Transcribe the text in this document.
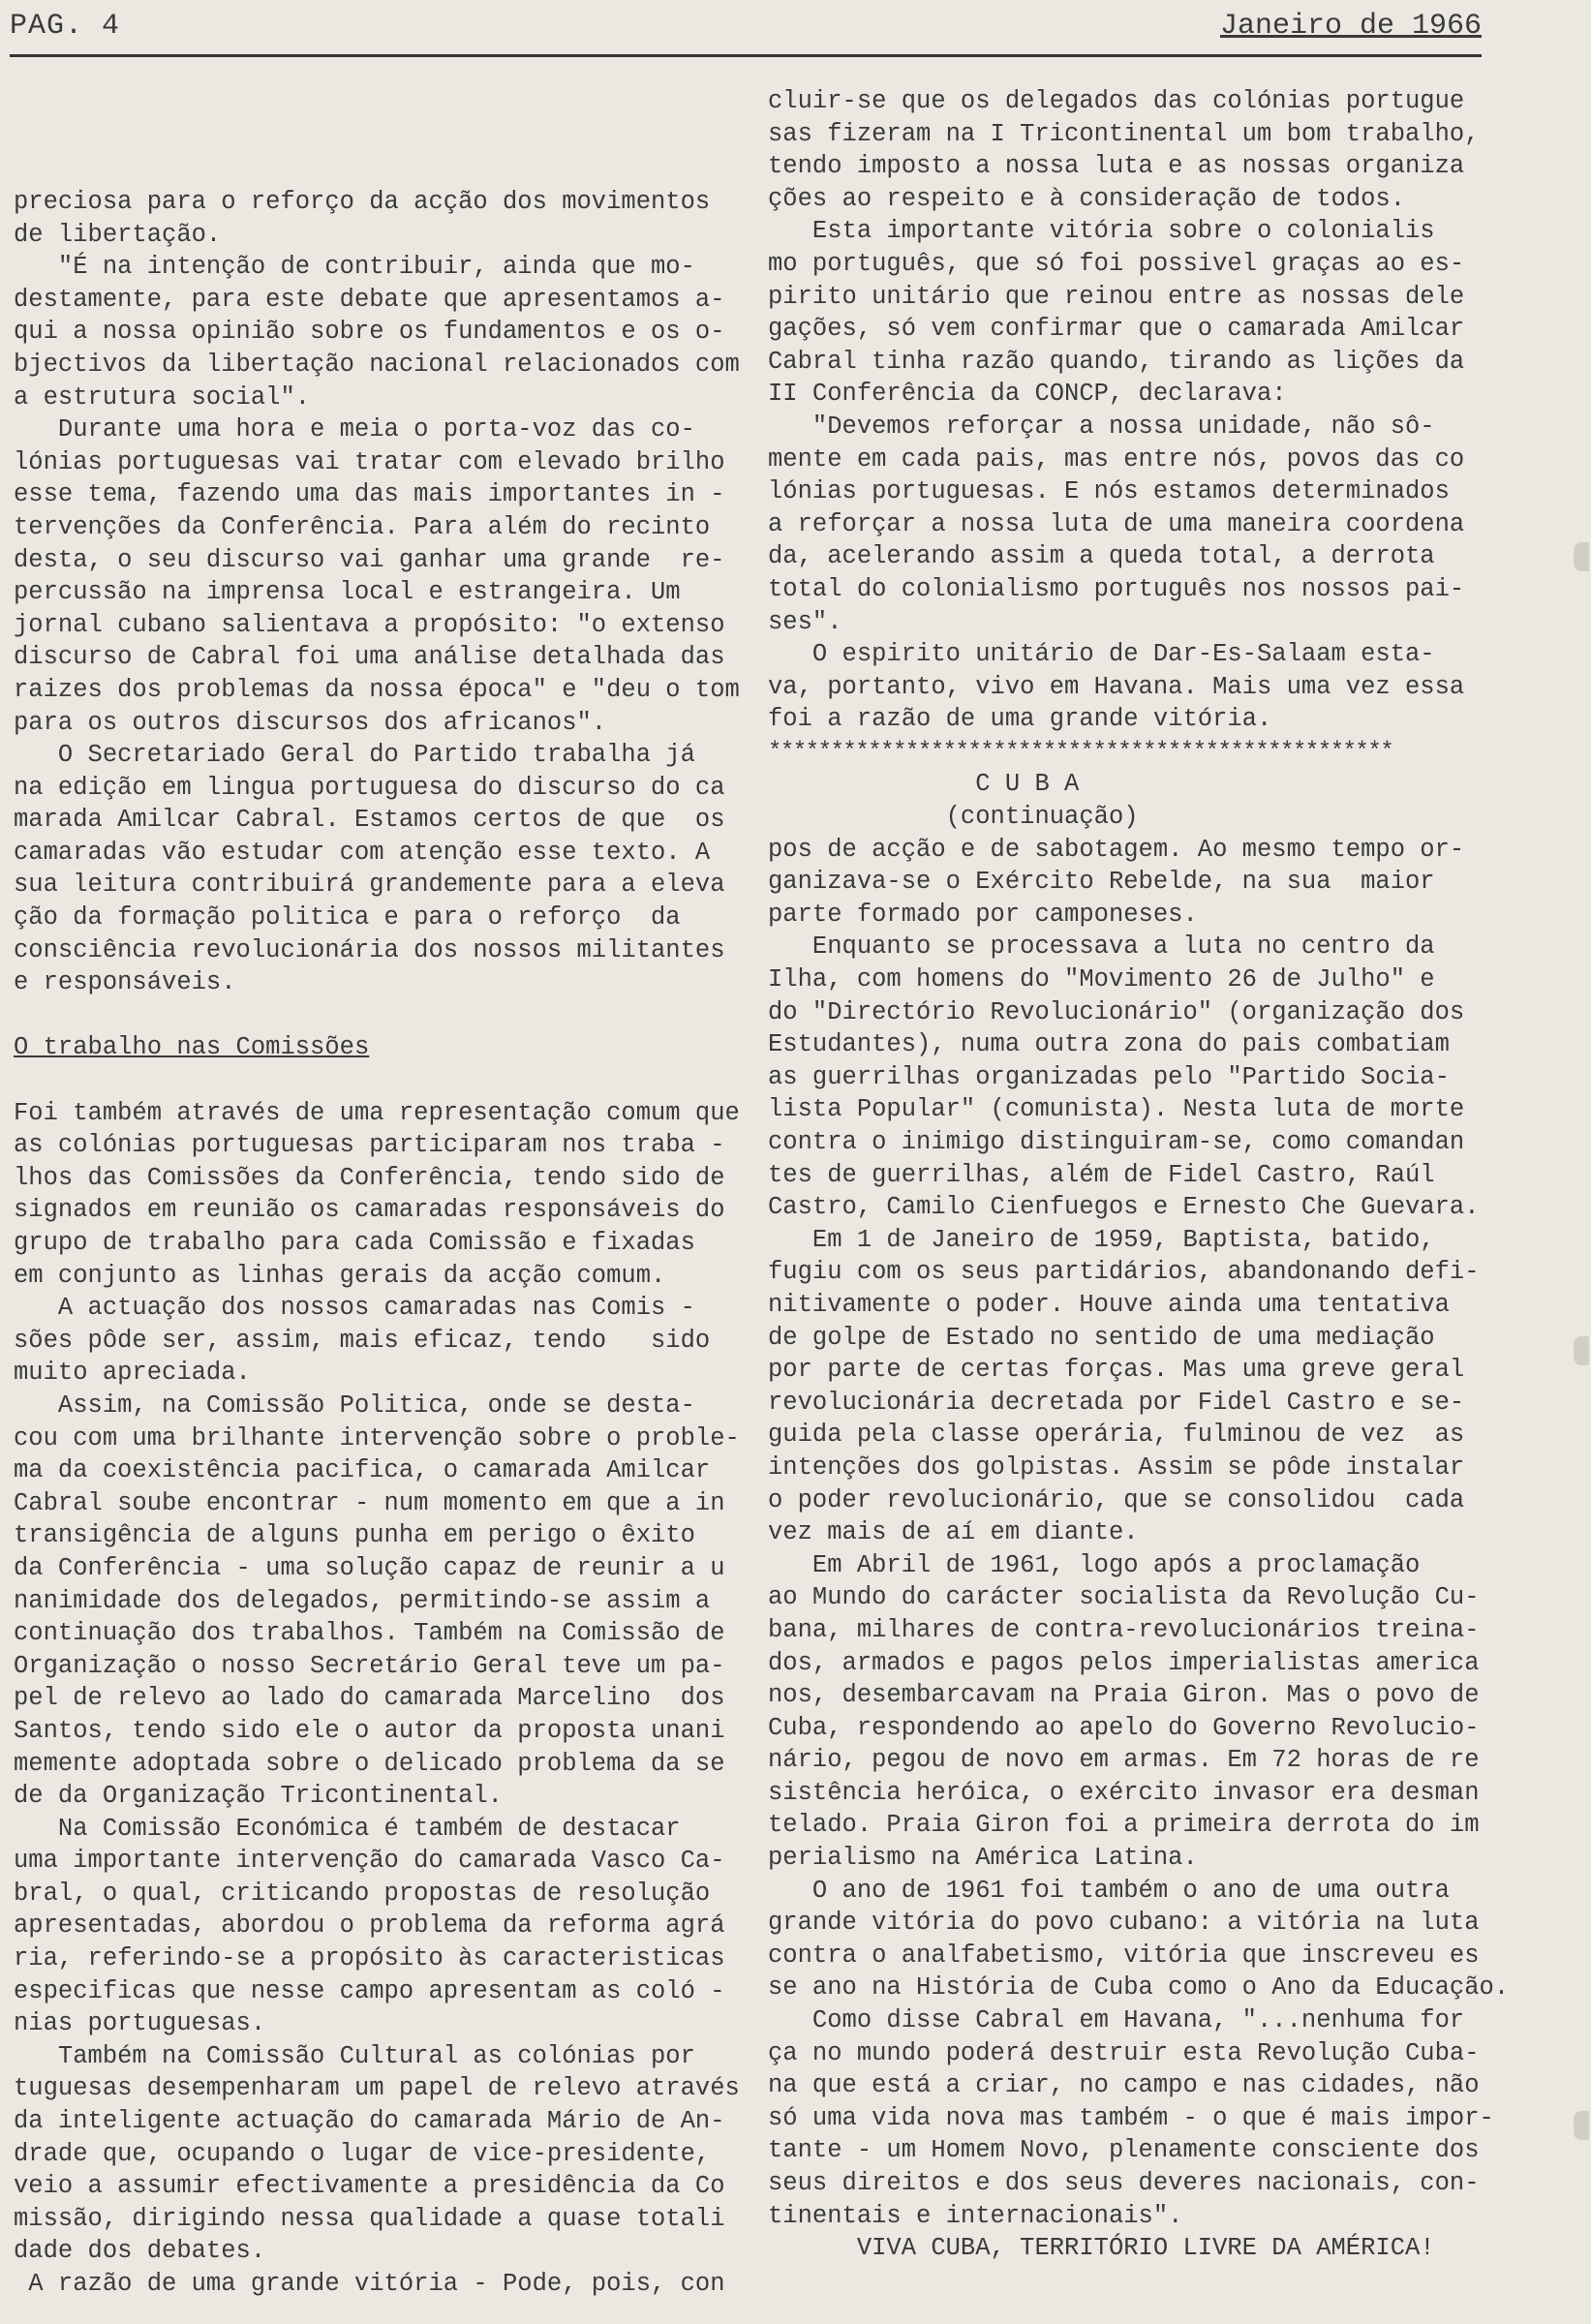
PAG. 4	Janeiro de 1966
preciosa para o reforço da acção dos movimentos
de libertação.
"É na intenção de contribuir, ainda que mo-
destamente, para este debate que apresentamos a-
qui a nossa opinião sobre os fundamentos e os o-
bjectivos da libertação nacional relacionados com
a estrutura social".
Durante uma hora e meia o porta-voz das co-
lónias portuguesas vai tratar com elevado brilho
esse tema, fazendo uma das mais importantes in -
tervenções da Conferência. Para além do recinto
desta, o seu discurso vai ganhar uma grande  re-
percussão na imprensa local e estrangeira. Um
jornal cubano salientava a propósito: "o extenso
discurso de Cabral foi uma análise detalhada das
raizes dos problemas da nossa época" e "deu o tom
para os outros discursos dos africanos".
O Secretariado Geral do Partido trabalha já
na edição em lingua portuguesa do discurso do ca
marada Amilcar Cabral. Estamos certos de que  os
camaradas vão estudar com atenção esse texto. A
sua leitura contribuirá grandemente para a eleva
ção da formação politica e para o reforço  da
consciência revolucionária dos nossos militantes
e responsáveis.
O trabalho nas Comissões
Foi também através de uma representação comum que
as colónias portuguesas participaram nos traba -
lhos das Comissões da Conferência, tendo sido de
signados em reunião os camaradas responsáveis do
grupo de trabalho para cada Comissão e fixadas
em conjunto as linhas gerais da acção comum.
A actuação dos nossos camaradas nas Comis -
sões pôde ser, assim, mais eficaz, tendo   sido
muito apreciada.
Assim, na Comissão Politica, onde se desta-
cou com uma brilhante intervenção sobre o proble-
ma da coexistência pacifica, o camarada Amilcar
Cabral soube encontrar - num momento em que a in
transigência de alguns punha em perigo o êxito
da Conferência - uma solução capaz de reunir a u
nanimidade dos delegados, permitindo-se assim a
continuação dos trabalhos. Também na Comissão de
Organização o nosso Secretário Geral teve um pa-
pel de relevo ao lado do camarada Marcelino  dos
Santos, tendo sido ele o autor da proposta unani
memente adoptada sobre o delicado problema da se
de da Organização Tricontinental.
Na Comissão Económica é também de destacar
uma importante intervenção do camarada Vasco Ca-
bral, o qual, criticando propostas de resolução
apresentadas, abordou o problema da reforma agrá
ria, referindo-se a propósito às caracteristicas
especificas que nesse campo apresentam as coló -
nias portuguesas.
Também na Comissão Cultural as colónias por
tuguesas desempenharam um papel de relevo através
da inteligente actuação do camarada Mário de An-
drade que, ocupando o lugar de vice-presidente,
veio a assumir efectivamente a presidência da Co
missão, dirigindo nessa qualidade a quase totali
dade dos debates.
A razão de uma grande vitória - Pode, pois, con
cluir-se que os delegados das colónias portugue
sas fizeram na I Tricontinental um bom trabalho,
tendo imposto a nossa luta e as nossas organiza
ções ao respeito e à consideração de todos.
Esta importante vitória sobre o colonialis
mo português, que só foi possivel graças ao es-
pirito unitário que reinou entre as nossas dele
gações, só vem confirmar que o camarada Amilcar
Cabral tinha razão quando, tirando as lições da
II Conferência da CONCP, declarava:
"Devemos reforçar a nossa unidade, não sô-
mente em cada pais, mas entre nós, povos das co
lónias portuguesas. E nós estamos determinados
a reforçar a nossa luta de uma maneira coordena
da, acelerando assim a queda total, a derrota
total do colonialismo português nos nossos pai-
ses".
O espirito unitário de Dar-Es-Salaam esta-
va, portanto, vivo em Havana. Mais uma vez essa
foi a razão de uma grande vitória.
**************************************************
C U B A
(continuação)
pos de acção e de sabotagem. Ao mesmo tempo or-
ganizava-se o Exército Rebelde, na sua  maior
parte formado por camponeses.
Enquanto se processava a luta no centro da
Ilha, com homens do "Movimento 26 de Julho" e
do "Directório Revolucionário" (organização dos
Estudantes), numa outra zona do pais combatiam
as guerrilhas organizadas pelo "Partido Socia-
lista Popular" (comunista). Nesta luta de morte
contra o inimigo distinguiram-se, como comandan
tes de guerrilhas, além de Fidel Castro, Raúl
Castro, Camilo Cienfuegos e Ernesto Che Guevara.
Em 1 de Janeiro de 1959, Baptista, batido,
fugiu com os seus partidários, abandonando defi-
nitivamente o poder. Houve ainda uma tentativa
de golpe de Estado no sentido de uma mediação
por parte de certas forças. Mas uma greve geral
revolucionária decretada por Fidel Castro e se-
guida pela classe operária, fulminou de vez  as
intenções dos golpistas. Assim se pôde instalar
o poder revolucionário, que se consolidou  cada
vez mais de aí em diante.
Em Abril de 1961, logo após a proclamação
ao Mundo do carácter socialista da Revolução Cu-
bana, milhares de contra-revolucionários treina-
dos, armados e pagos pelos imperialistas america
nos, desembarcavam na Praia Giron. Mas o povo de
Cuba, respondendo ao apelo do Governo Revolucio-
nário, pegou de novo em armas. Em 72 horas de re
sistência heróica, o exército invasor era desman
telado. Praia Giron foi a primeira derrota do im
perialismo na América Latina.
O ano de 1961 foi também o ano de uma outra
grande vitória do povo cubano: a vitória na luta
contra o analfabetismo, vitória que inscreveu es
se ano na História de Cuba como o Ano da Educação.
Como disse Cabral em Havana, "...nenhuma for
ça no mundo poderá destruir esta Revolução Cuba-
na que está a criar, no campo e nas cidades, não
só uma vida nova mas também - o que é mais impor-
tante - um Homem Novo, plenamente consciente dos
seus direitos e dos seus deveres nacionais, con-
tinentais e internacionais".
VIVA CUBA, TERRITÓRIO LIVRE DA AMÉRICA!
